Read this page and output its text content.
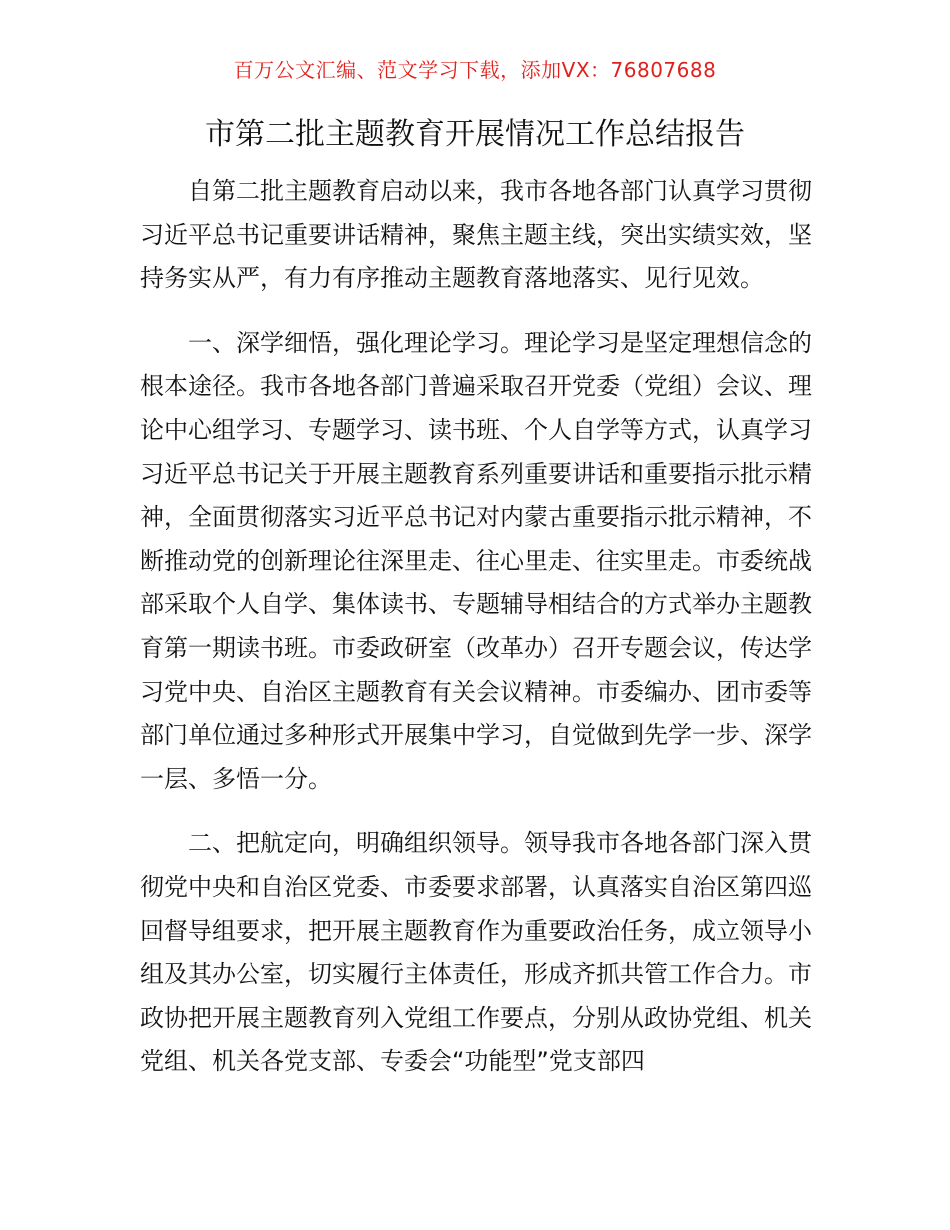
百万公文汇编、范文学习下载，添加VX：76807688
市第二批主题教育开展情况工作总结报告

自第二批主题教育启动以来，我市各地各部门认真学习贯彻习近平总书记重要讲话精神，聚焦主题主线，突出实绩实效，坚持务实从严，有力有序推动主题教育落地落实、见行见效。

一、深学细悟，强化理论学习。理论学习是坚定理想信念的根本途径。我市各地各部门普遍采取召开党委（党组）会议、理论中心组学习、专题学习、读书班、个人自学等方式，认真学习习近平总书记关于开展主题教育系列重要讲话和重要指示批示精神，全面贯彻落实习近平总书记对内蒙古重要指示批示精神，不断推动党的创新理论往深里走、往心里走、往实里走。市委统战部采取个人自学、集体读书、专题辅导相结合的方式举办主题教育第一期读书班。市委政研室（改革办）召开专题会议，传达学习党中央、自治区主题教育有关会议精神。市委编办、团市委等部门单位通过多种形式开展集中学习，自觉做到先学一步、深学一层、多悟一分。

二、把航定向，明确组织领导。领导我市各地各部门深入贯彻党中央和自治区党委、市委要求部署，认真落实自治区第四巡回督导组要求，把开展主题教育作为重要政治任务，成立领导小组及其办公室，切实履行主体责任，形成齐抓共管工作合力。市政协把开展主题教育列入党组工作要点，分别从政协党组、机关党组、机关各党支部、专委会“功能型”党支部四
